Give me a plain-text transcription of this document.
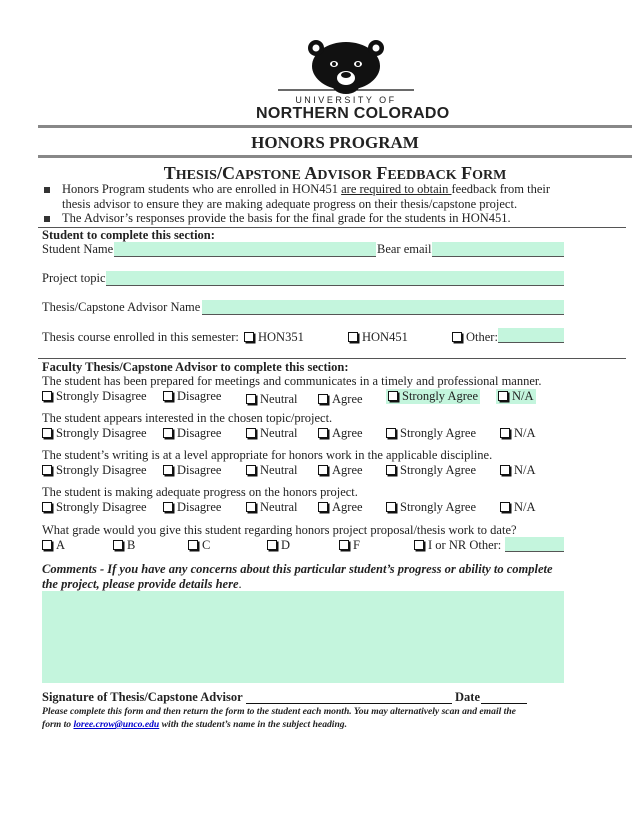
UNIVERSITY OF
NORTHERN COLORADO
HONORS PROGRAM
THESIS/CAPSTONE ADVISOR FEEDBACK FORM
Honors Program students who are enrolled in HON451 are required to obtain feedback from their
thesis advisor to ensure they are making adequate progress on their thesis/capstone project.
The Advisor’s responses provide the basis for the final grade for the students in HON451.
Student to complete this section:
Student Name	Bear email
Project topic
Thesis/Capstone Advisor Name
Thesis course enrolled in this semester:	HON351	HON451	Other:
Faculty Thesis/Capstone Advisor to complete this section:
The student has been prepared for meetings and communicates in a timely and professional manner.
Strongly Disagree	Disagree	Neutral	Agree	Strongly Agree	N/A
The student appears interested in the chosen topic/project.
Strongly Disagree	Disagree	Neutral	Agree	Strongly Agree	N/A
The student’s writing is at a level appropriate for honors work in the applicable discipline.
Strongly Disagree	Disagree	Neutral	Agree	Strongly Agree	N/A
The student is making adequate progress on the honors project.
Strongly Disagree	Disagree	Neutral	Agree	Strongly Agree	N/A
What grade would you give this student regarding honors project proposal/thesis work to date?
A	B	C	D	F	I or NR Other:
Comments - If you have any concerns about this particular student’s progress or ability to complete
the project, please provide details here.
Signature of Thesis/Capstone Advisor	Date
Please complete this form and then return the form to the student each month. You may alternatively scan and email the
form to loree.crow@unco.edu with the student’s name in the subject heading.
